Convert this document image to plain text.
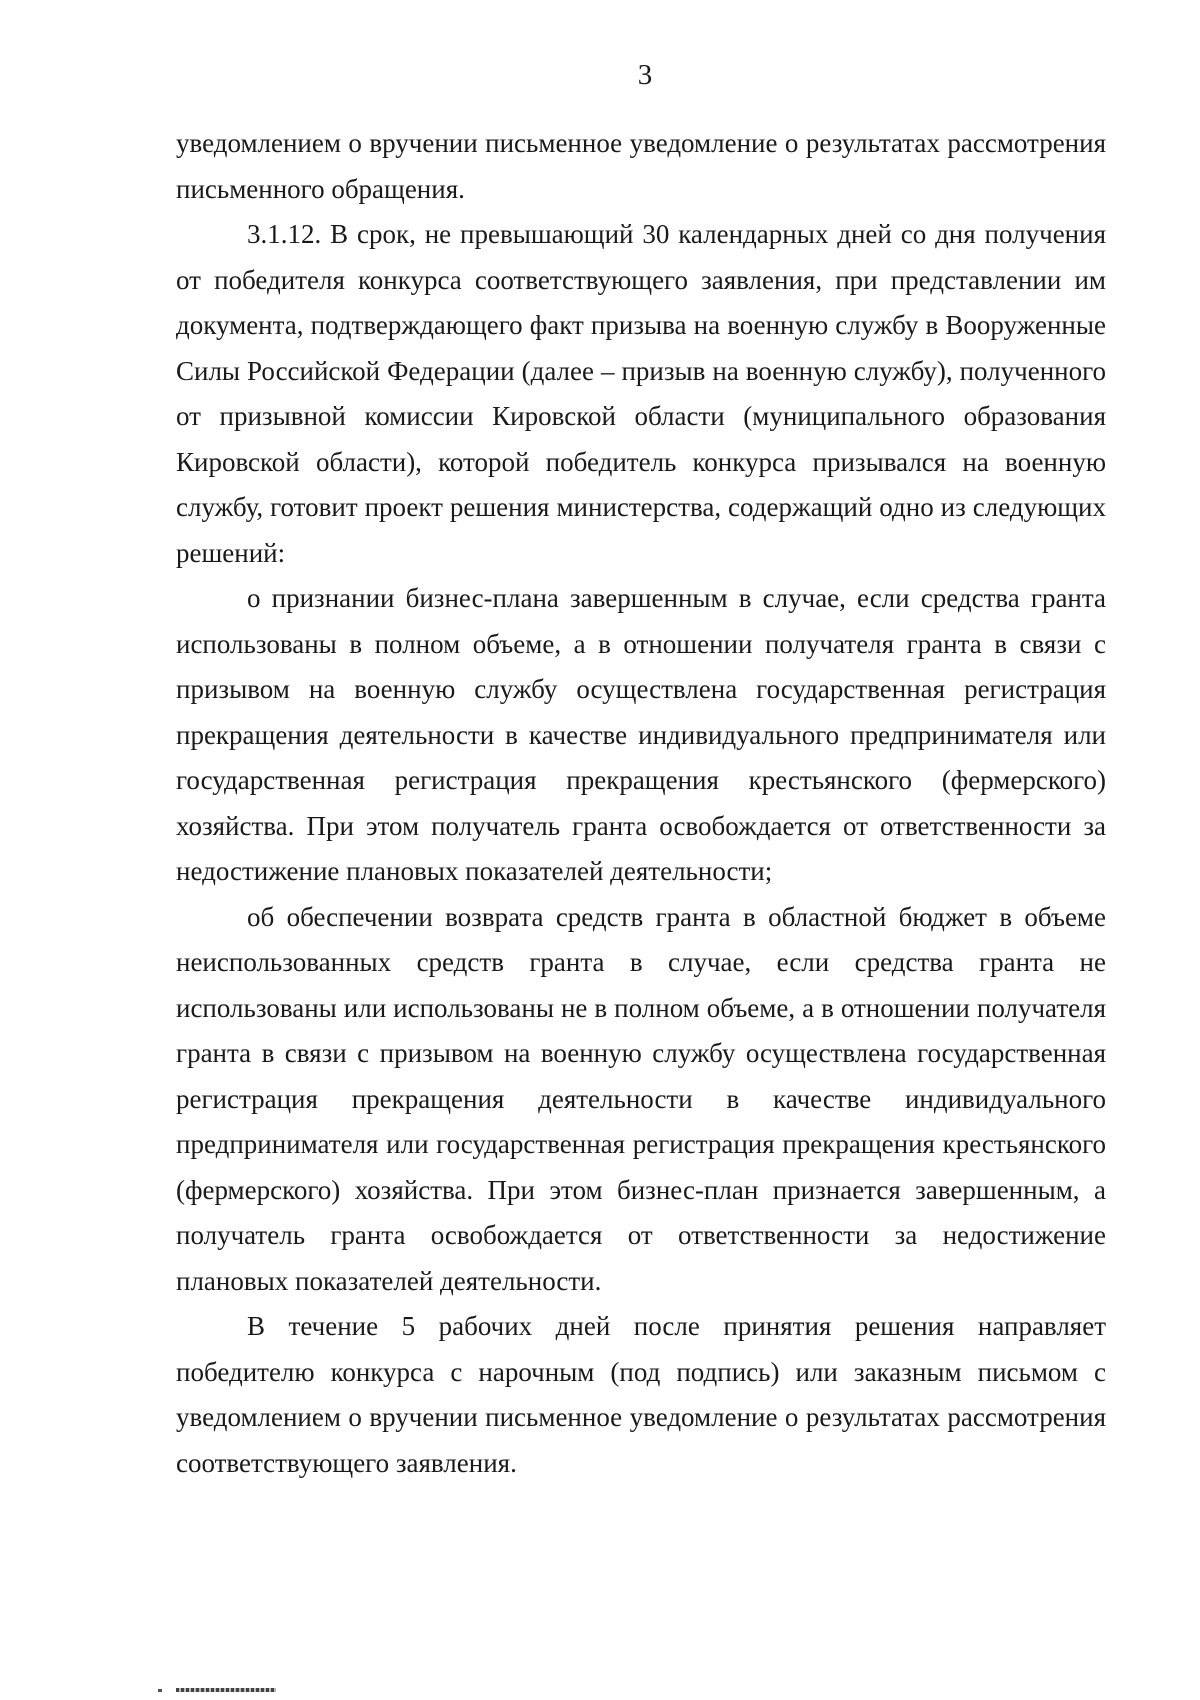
3

уведомлением о вручении письменное уведомление о результатах рассмотрения письменного обращения.

3.1.12. В срок, не превышающий 30 календарных дней со дня получения от победителя конкурса соответствующего заявления, при представлении им документа, подтверждающего факт призыва на военную службу в Вооруженные Силы Российской Федерации (далее – призыв на военную службу), полученного от призывной комиссии Кировской области (муниципального образования Кировской области), которой победитель конкурса призывался на военную службу, готовит проект решения министерства, содержащий одно из следующих решений:

о признании бизнес-плана завершенным в случае, если средства гранта использованы в полном объеме, а в отношении получателя гранта в связи с призывом на военную службу осуществлена государственная регистрация прекращения деятельности в качестве индивидуального предпринимателя или государственная регистрация прекращения крестьянского (фермерского) хозяйства. При этом получатель гранта освобождается от ответственности за недостижение плановых показателей деятельности;

об обеспечении возврата средств гранта в областной бюджет в объеме неиспользованных средств гранта в случае, если средства гранта не использованы или использованы не в полном объеме, а в отношении получателя гранта в связи с призывом на военную службу осуществлена государственная регистрация прекращения деятельности в качестве индивидуального предпринимателя или государственная регистрация прекращения крестьянского (фермерского) хозяйства. При этом бизнес-план признается завершенным, а получатель гранта освобождается от ответственности за недостижение плановых показателей деятельности.

В течение 5 рабочих дней после принятия решения направляет победителю конкурса с нарочным (под подпись) или заказным письмом с уведомлением о вручении письменное уведомление о результатах рассмотрения соответствующего заявления.
